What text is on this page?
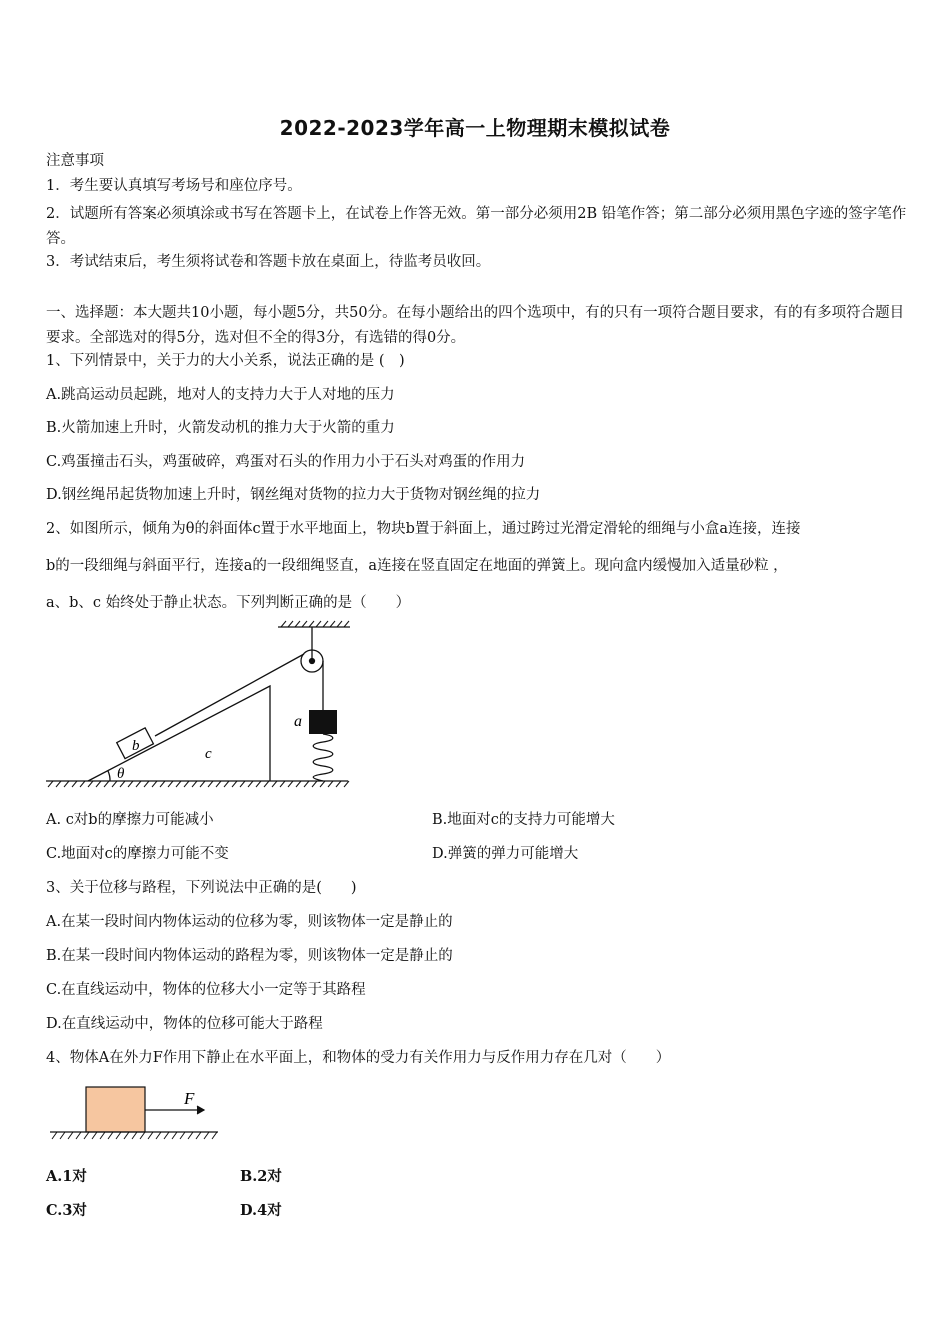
2022-2023学年高一上物理期末模拟试卷
注意事项
1．考生要认真填写考场号和座位序号。
2．试题所有答案必须填涂或书写在答题卡上，在试卷上作答无效。第一部分必须用2B 铅笔作答；第二部分必须用黑色字迹的签字笔作答。
3．考试结束后，考生须将试卷和答题卡放在桌面上，待监考员收回。
一、选择题：本大题共10小题，每小题5分，共50分。在每小题给出的四个选项中，有的只有一项符合题目要求，有的有多项符合题目要求。全部选对的得5分，选对但不全的得3分，有选错的得0分。
1、下列情景中，关于力的大小关系，说法正确的是 (　)
A.跳高运动员起跳，地对人的支持力大于人对地的压力
B.火箭加速上升时，火箭发动机的推力大于火箭的重力
C.鸡蛋撞击石头，鸡蛋破碎，鸡蛋对石头的作用力小于石头对鸡蛋的作用力
D.钢丝绳吊起货物加速上升时，钢丝绳对货物的拉力大于货物对钢丝绳的拉力
2、如图所示，倾角为θ的斜面体c置于水平地面上，物块b置于斜面上，通过跨过光滑定滑轮的细绳与小盒a连接，连接
b的一段细绳与斜面平行，连接a的一段细绳竖直，a连接在竖直固定在地面的弹簧上。现向盒内缓慢加入适量砂粒 ，
a、b、c 始终处于静止状态。下列判断正确的是（　　）
b	c
a
θ
A. c对b的摩擦力可能减小	B.地面对c的支持力可能增大
C.地面对c的摩擦力可能不变	D.弹簧的弹力可能增大
3、关于位移与路程，下列说法中正确的是(　　)
A.在某一段时间内物体运动的位移为零，则该物体一定是静止的
B.在某一段时间内物体运动的路程为零，则该物体一定是静止的
C.在直线运动中，物体的位移大小一定等于其路程
D.在直线运动中，物体的位移可能大于路程
4、物体A在外力F作用下静止在水平面上，和物体的受力有关作用力与反作用力存在几对（　　）
F
A.1对	B.2对
C.3对	D.4对
